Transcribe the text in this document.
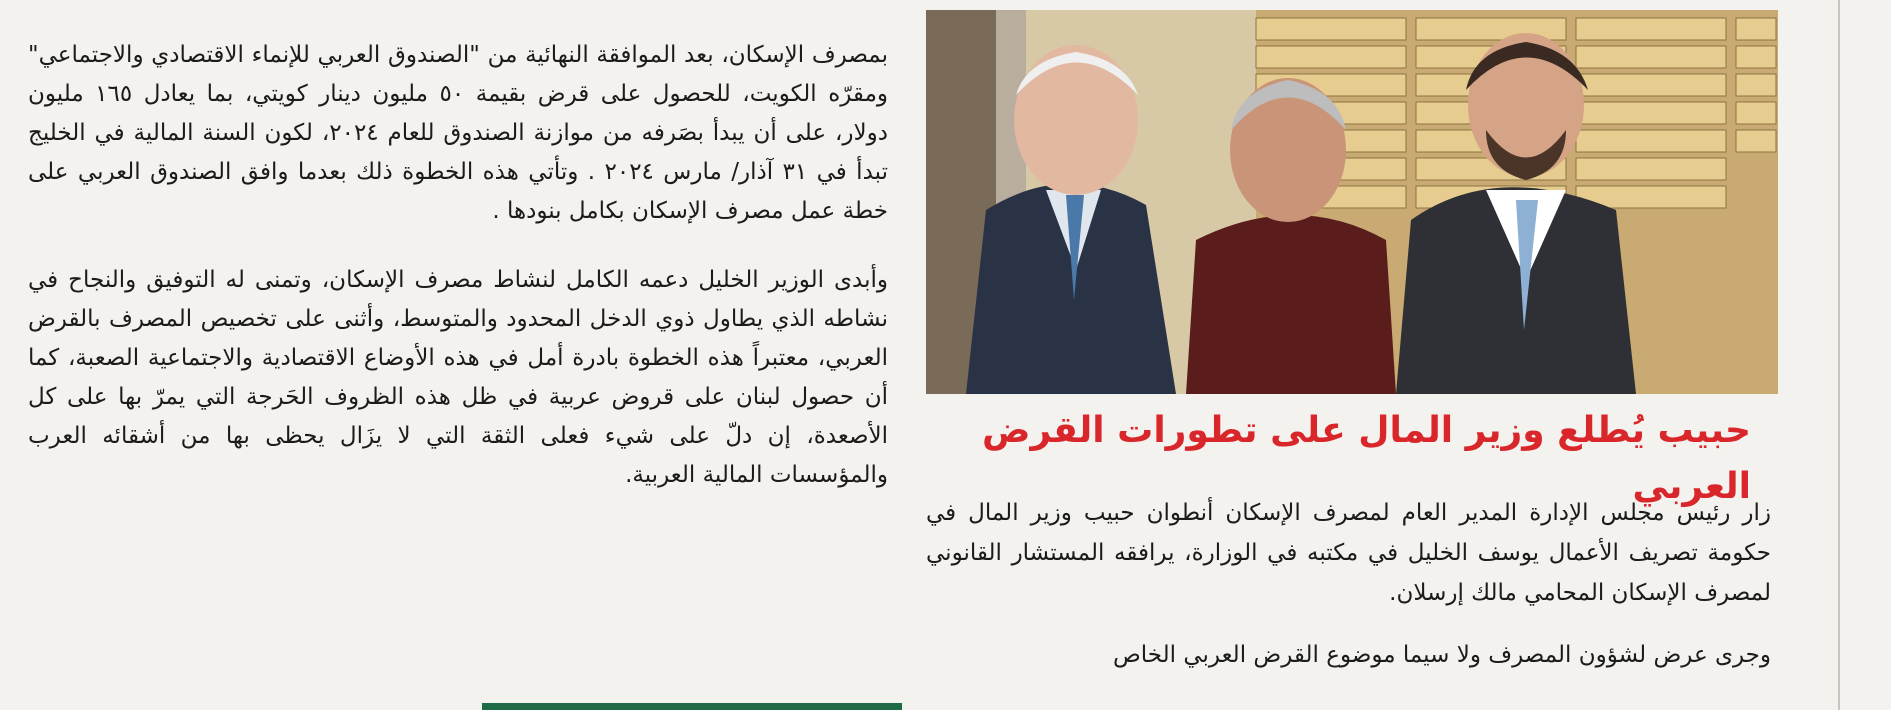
بمصرف الإسكان، بعد الموافقة النهائية من "الصندوق العربي للإنماء الاقتصادي والاجتماعي" ومقرّه الكويت، للحصول على قرض بقيمة ٥٠ مليون دينار كويتي، بما يعادل ١٦٥ مليون دولار، على أن يبدأ بصَرفه من موازنة الصندوق للعام ٢٠٢٤، لكون السنة المالية في الخليج تبدأ في ٣١ آذار/ مارس ٢٠٢٤ . وتأتي هذه الخطوة ذلك بعدما وافق الصندوق العربي على خطة عمل مصرف الإسكان بكامل بنودها .

وأبدى الوزير الخليل دعمه الكامل لنشاط مصرف الإسكان، وتمنى له التوفيق والنجاح في نشاطه الذي يطاول ذوي الدخل المحدود والمتوسط، وأثنى على تخصيص المصرف بالقرض العربي، معتبراً هذه الخطوة بادرة أمل في هذه الأوضاع الاقتصادية والاجتماعية الصعبة، كما أن حصول لبنان على قروض عربية في ظل هذه الظروف الحَرجة التي يمرّ بها على كل الأصعدة، إن دلّ على شيء فعلى الثقة التي لا يزَال يحظى بها من أشقائه العرب والمؤسسات المالية العربية.

حبيب يُطلع وزير المال على تطورات القرض العربي

زار رئيس مجلس الإدارة المدير العام لمصرف الإسكان أنطوان حبيب وزير المال في حكومة تصريف الأعمال يوسف الخليل في مكتبه في الوزارة، يرافقه المستشار القانوني لمصرف الإسكان المحامي مالك إرسلان.

وجرى عرض لشؤون المصرف ولا سيما موضوع القرض العربي الخاص
